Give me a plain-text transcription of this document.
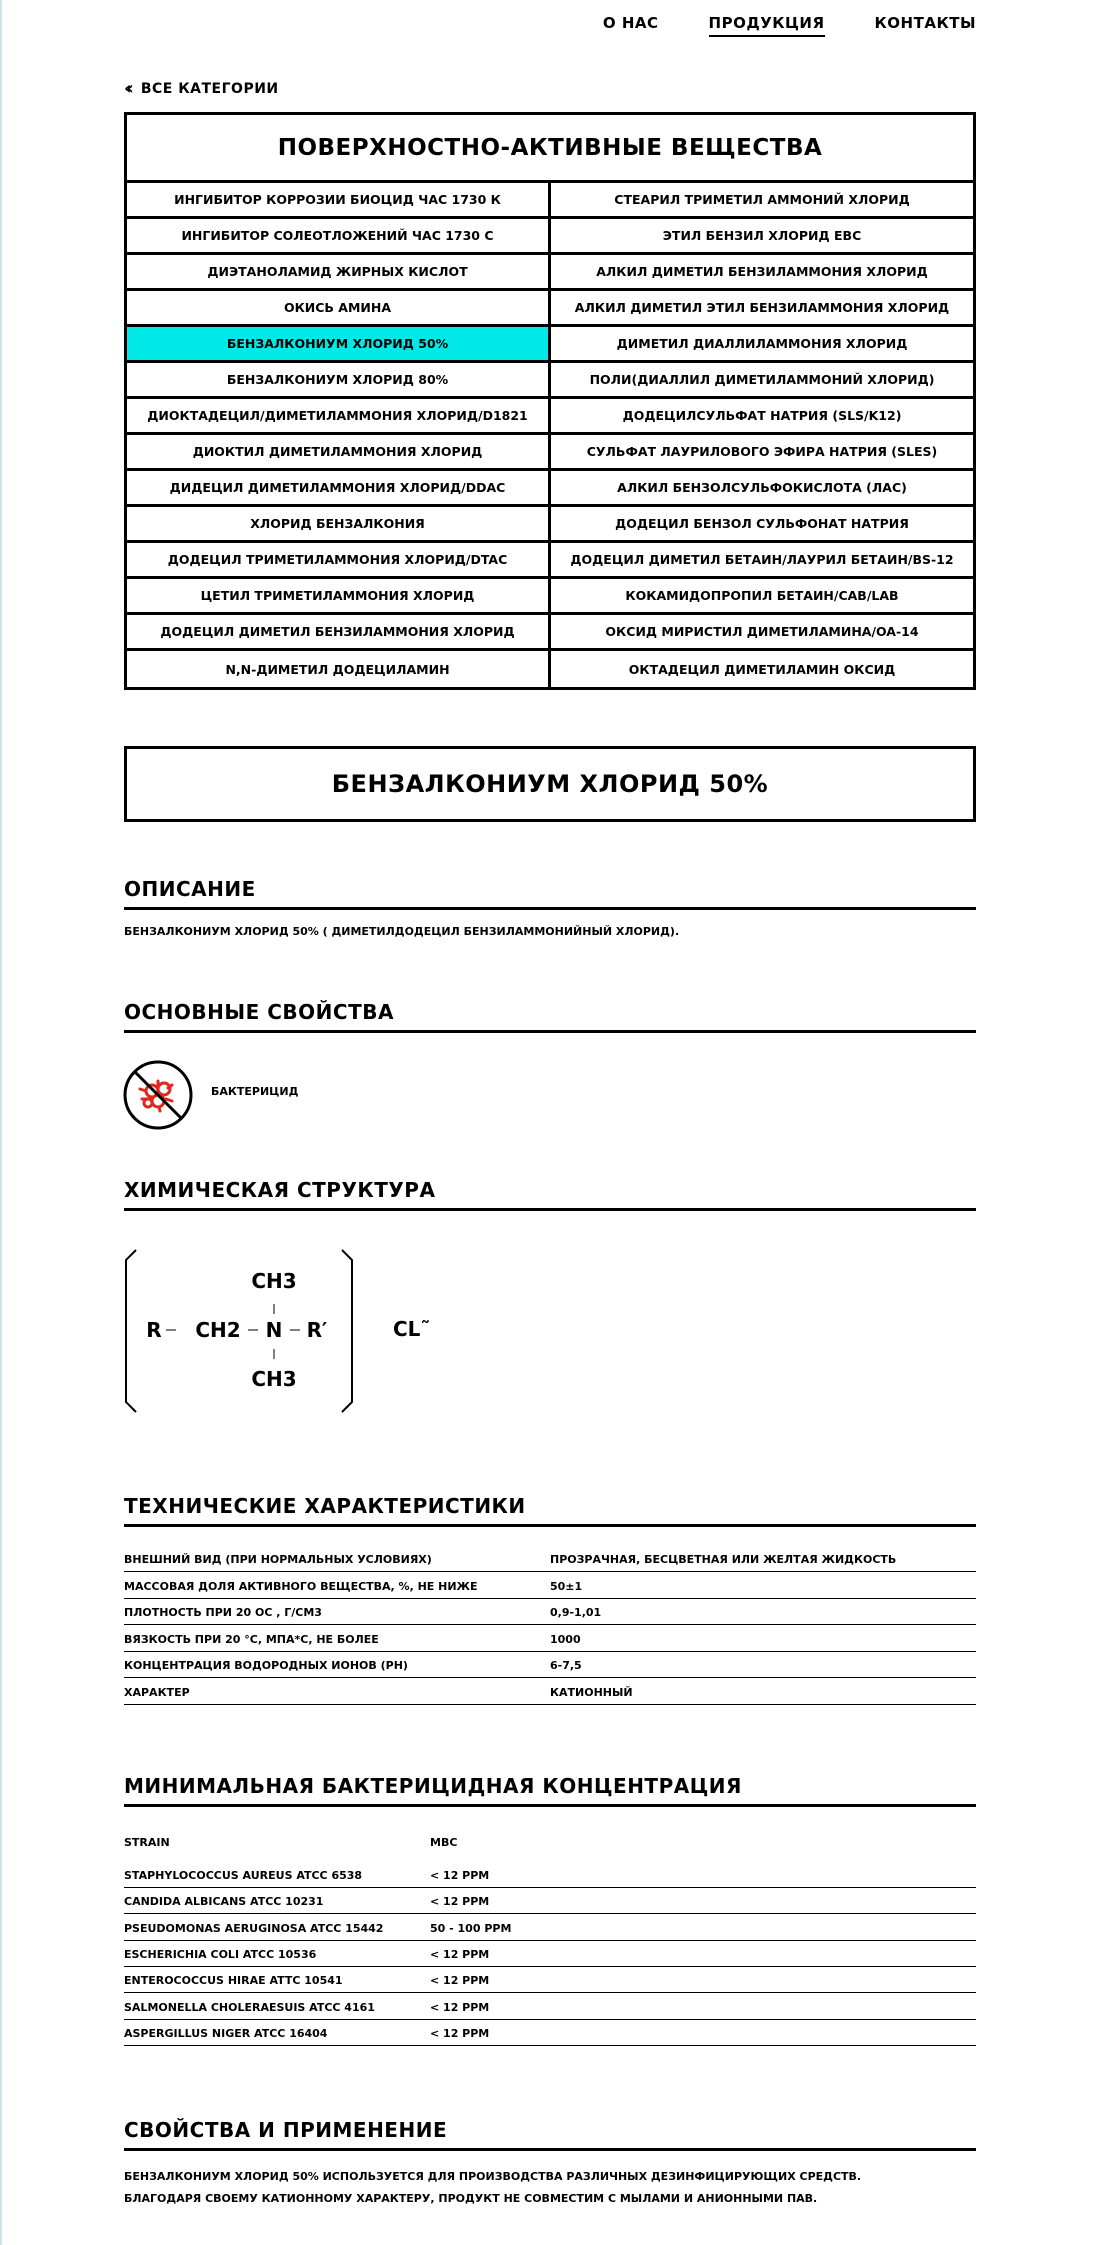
О НАС	ПРОДУКЦИЯ	КОНТАКТЫ
‹‹ ВСЕ КАТЕГОРИИ
ПОВЕРХНОСТНО-АКТИВНЫЕ ВЕЩЕСТВА
ИНГИБИТОР КОРРОЗИИ БИОЦИД ЧАС 1730 К	СТЕАРИЛ ТРИМЕТИЛ АММОНИЙ ХЛОРИД
ИНГИБИТОР СОЛЕОТЛОЖЕНИЙ ЧАС 1730 С	ЭТИЛ БЕНЗИЛ ХЛОРИД EBC
ДИЭТАНОЛАМИД ЖИРНЫХ КИСЛОТ	АЛКИЛ ДИМЕТИЛ БЕНЗИЛАММОНИЯ ХЛОРИД
ОКИСЬ АМИНА	АЛКИЛ ДИМЕТИЛ ЭТИЛ БЕНЗИЛАММОНИЯ ХЛОРИД
БЕНЗАЛКОНИУМ ХЛОРИД 50%	ДИМЕТИЛ ДИАЛЛИЛАММОНИЯ ХЛОРИД
БЕНЗАЛКОНИУМ ХЛОРИД 80%	ПОЛИ(ДИАЛЛИЛ ДИМЕТИЛАММОНИЙ ХЛОРИД)
ДИОКТАДЕЦИЛ/ДИМЕТИЛАММОНИЯ ХЛОРИД/D1821	ДОДЕЦИЛСУЛЬФАТ НАТРИЯ (SLS/K12)
ДИОКТИЛ ДИМЕТИЛАММОНИЯ ХЛОРИД	СУЛЬФАТ ЛАУРИЛОВОГО ЭФИРА НАТРИЯ (SLES)
ДИДЕЦИЛ ДИМЕТИЛАММОНИЯ ХЛОРИД/DDAC	АЛКИЛ БЕНЗОЛСУЛЬФОКИСЛОТА (ЛАС)
ХЛОРИД БЕНЗАЛКОНИЯ	ДОДЕЦИЛ БЕНЗОЛ СУЛЬФОНАТ НАТРИЯ
ДОДЕЦИЛ ТРИМЕТИЛАММОНИЯ ХЛОРИД/DTAC	ДОДЕЦИЛ ДИМЕТИЛ БЕТАИН/ЛАУРИЛ БЕТАИН/BS-12
ЦЕТИЛ ТРИМЕТИЛАММОНИЯ ХЛОРИД	КОКАМИДОПРОПИЛ БЕТАИН/CAB/LAB
ДОДЕЦИЛ ДИМЕТИЛ БЕНЗИЛАММОНИЯ ХЛОРИД	ОКСИД МИРИСТИЛ ДИМЕТИЛАМИНА/OA-14
N,N-ДИМЕТИЛ ДОДЕЦИЛАМИН	ОКТАДЕЦИЛ ДИМЕТИЛАМИН ОКСИД
БЕНЗАЛКОНИУМ ХЛОРИД 50%
ОПИСАНИЕ
БЕНЗАЛКОНИУМ ХЛОРИД 50% ( ДИМЕТИЛДОДЕЦИЛ БЕНЗИЛАММОНИЙНЫЙ ХЛОРИД).
ОСНОВНЫЕ СВОЙСТВА
БАКТЕРИЦИД
ХИМИЧЕСКАЯ СТРУКТУРА
CH3
R CH2 N R′
CH3
CL˜
ТЕХНИЧЕСКИЕ ХАРАКТЕРИСТИКИ
ВНЕШНИЙ ВИД (ПРИ НОРМАЛЬНЫХ УСЛОВИЯХ)	ПРОЗРАЧНАЯ, БЕСЦВЕТНАЯ ИЛИ ЖЕЛТАЯ ЖИДКОСТЬ
МАССОВАЯ ДОЛЯ АКТИВНОГО ВЕЩЕСТВА, %, НЕ НИЖЕ	50±1
ПЛОТНОСТЬ ПРИ 20 ОС , Г/СМ3	0,9-1,01
ВЯЗКОСТЬ ПРИ 20 °С, МПА*С, НЕ БОЛЕЕ	1000
КОНЦЕНТРАЦИЯ ВОДОРОДНЫХ ИОНОВ (PH)	6-7,5
ХАРАКТЕР	КАТИОННЫЙ
МИНИМАЛЬНАЯ БАКТЕРИЦИДНАЯ КОНЦЕНТРАЦИЯ
STRAIN	MBC
STAPHYLOCOCCUS AUREUS ATCC 6538	< 12 PPM
CANDIDA ALBICANS ATCC 10231	< 12 PPM
PSEUDOMONAS AERUGINOSA ATCC 15442	50 - 100 PPM
ESCHERICHIA COLI ATCC 10536	< 12 PPM
ENTEROCOCCUS HIRAE ATTC 10541	< 12 PPM
SALMONELLA CHOLERAESUIS ATCC 4161	< 12 PPM
ASPERGILLUS NIGER ATCC 16404	< 12 PPM
СВОЙСТВА И ПРИМЕНЕНИЕ
БЕНЗАЛКОНИУМ ХЛОРИД 50% ИСПОЛЬЗУЕТСЯ ДЛЯ ПРОИЗВОДСТВА РАЗЛИЧНЫХ ДЕЗИНФИЦИРУЮЩИХ СРЕДСТВ.
БЛАГОДАРЯ СВОЕМУ КАТИОННОМУ ХАРАКТЕРУ, ПРОДУКТ НЕ СОВМЕСТИМ С МЫЛАМИ И АНИОННЫМИ ПАВ.
